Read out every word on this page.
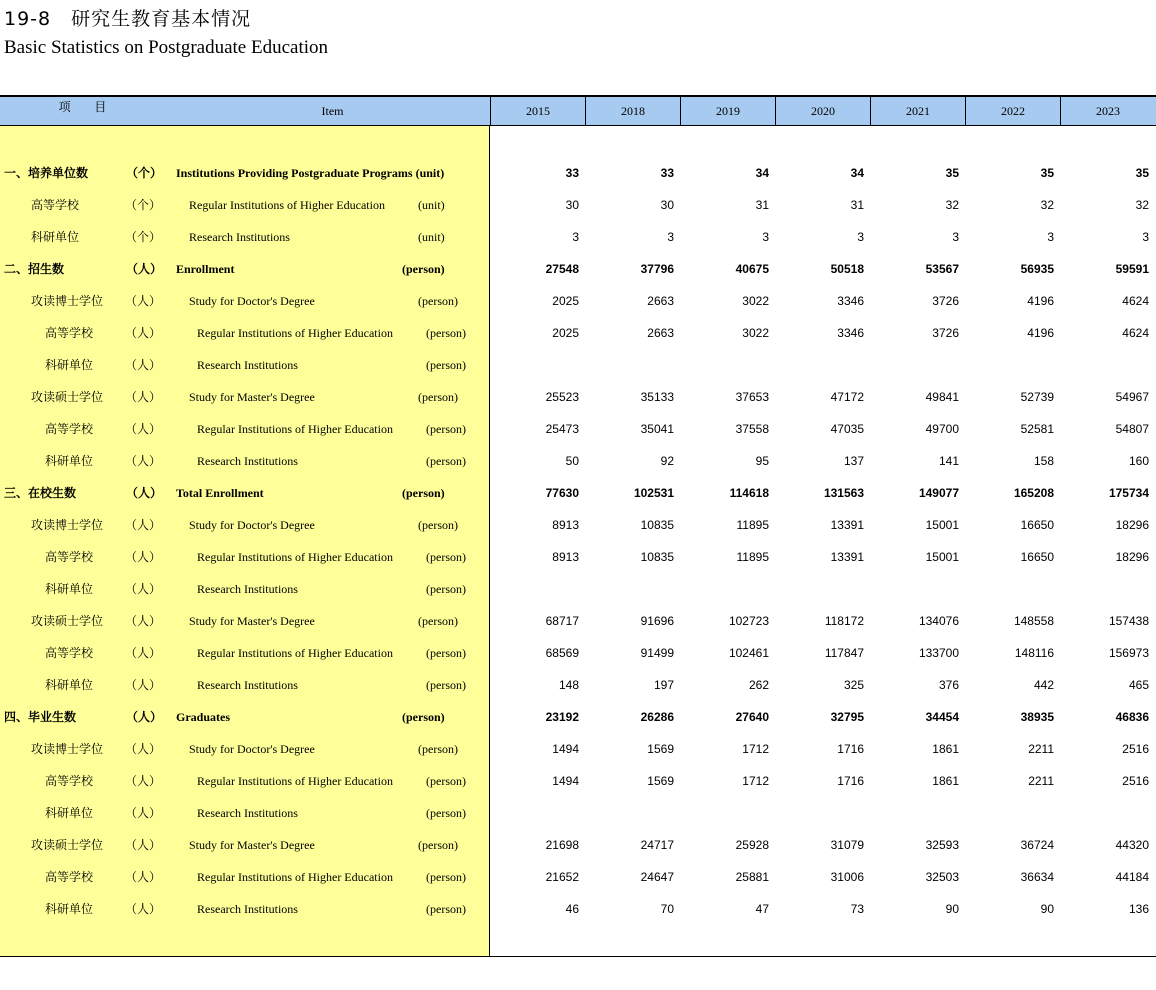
19-8　研究生教育基本情况
Basic Statistics on Postgraduate Education
项 目	Item	2015	2018	2019	2020	2021	2022	2023
一、培养单位数	（个） Institutions Providing Postgraduate Programs (unit)	33	33	34	34	35	35	35
高等学校	（个） Regular Institutions of Higher Education	(unit)	30	30	31	31	32	32	32
科研单位	（个） Research Institutions	(unit)	3	3	3	3	3	3	3
二、招生数	（人） Enrollment	(person)	27548	37796	40675	50518	53567	56935	59591
攻读博士学位 （人） Study for Doctor's Degree	(person)	2025	2663	3022	3346	3726	4196	4624
高等学校	（人）	Regular Institutions of Higher Education	(person)	2025	2663	3022	3346	3726	4196	4624
科研单位	（人）	Research Institutions	(person)
攻读硕士学位 （人） Study for Master's Degree	(person)	25523	35133	37653	47172	49841	52739	54967
高等学校	（人）	Regular Institutions of Higher Education	(person)	25473	35041	37558	47035	49700	52581	54807
科研单位	（人）	Research Institutions	(person)	50	92	95	137	141	158	160
三、在校生数	（人） Total Enrollment	(person)	77630	102531	114618	131563	149077	165208	175734
攻读博士学位 （人） Study for Doctor's Degree	(person)	8913	10835	11895	13391	15001	16650	18296
高等学校	（人）	Regular Institutions of Higher Education	(person)	8913	10835	11895	13391	15001	16650	18296
科研单位	（人）	Research Institutions	(person)
攻读硕士学位 （人） Study for Master's Degree	(person)	68717	91696	102723	118172	134076	148558	157438
高等学校	（人）	Regular Institutions of Higher Education	(person)	68569	91499	102461	117847	133700	148116	156973
科研单位	（人）	Research Institutions	(person)	148	197	262	325	376	442	465
四、毕业生数	（人） Graduates	(person)	23192	26286	27640	32795	34454	38935	46836
攻读博士学位 （人） Study for Doctor's Degree	(person)	1494	1569	1712	1716	1861	2211	2516
高等学校	（人）	Regular Institutions of Higher Education	(person)	1494	1569	1712	1716	1861	2211	2516
科研单位	（人）	Research Institutions	(person)
攻读硕士学位 （人） Study for Master's Degree	(person)	21698	24717	25928	31079	32593	36724	44320
高等学校	（人）	Regular Institutions of Higher Education	(person)	21652	24647	25881	31006	32503	36634	44184
科研单位	（人）	Research Institutions	(person)	46	70	47	73	90	90	136
